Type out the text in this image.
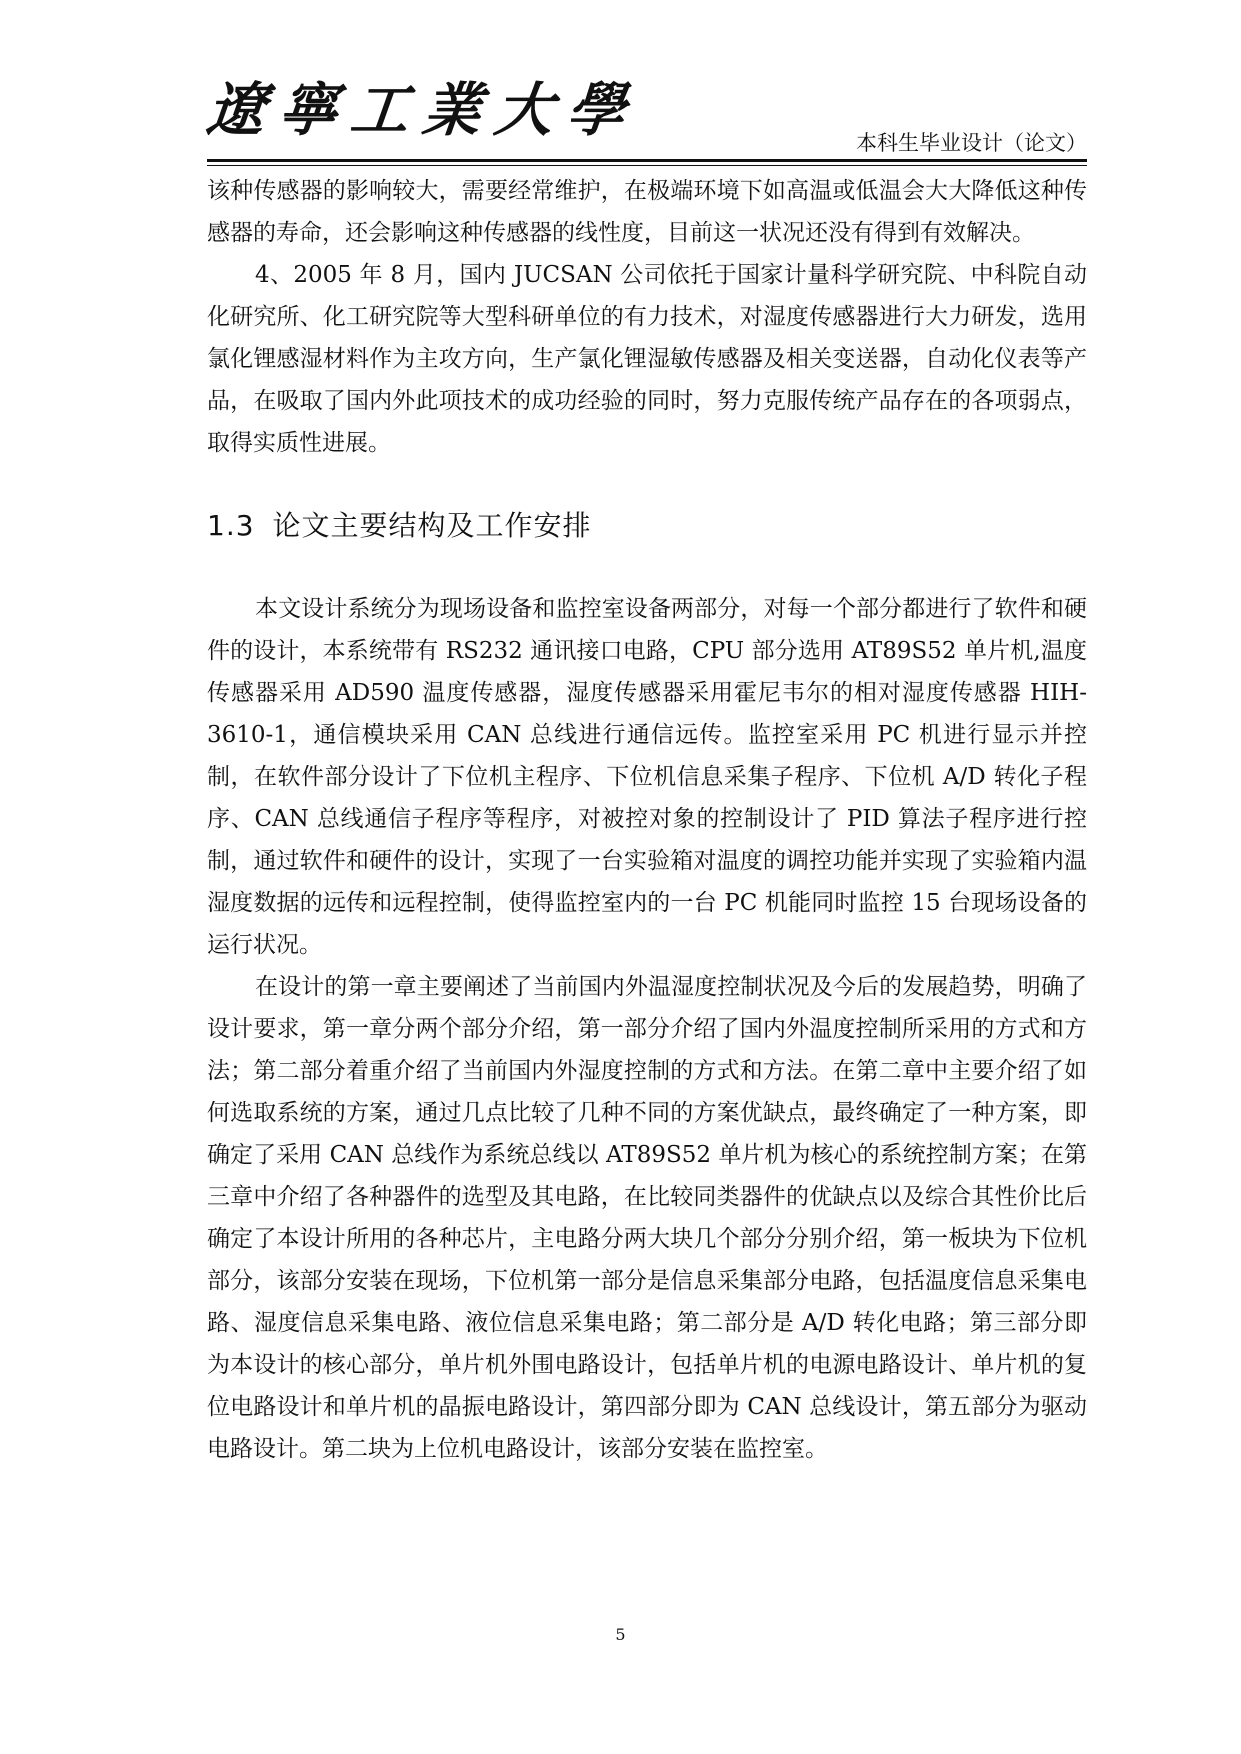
遼寧工業大學	本科生毕业设计（论文）

该种传感器的影响较大，需要经常维护，在极端环境下如高温或低温会大大降低这种传感器的寿命，还会影响这种传感器的线性度，目前这一状况还没有得到有效解决。

4、2005 年 8 月，国内 JUCSAN 公司依托于国家计量科学研究院、中科院自动化研究所、化工研究院等大型科研单位的有力技术，对湿度传感器进行大力研发，选用氯化锂感湿材料作为主攻方向，生产氯化锂湿敏传感器及相关变送器，自动化仪表等产品，在吸取了国内外此项技术的成功经验的同时，努力克服传统产品存在的各项弱点，取得实质性进展。

1.3 论文主要结构及工作安排

本文设计系统分为现场设备和监控室设备两部分，对每一个部分都进行了软件和硬件的设计，本系统带有 RS232 通讯接口电路，CPU 部分选用 AT89S52 单片机,温度传感器采用 AD590 温度传感器，湿度传感器采用霍尼韦尔的相对湿度传感器 HIH-3610-1，通信模块采用 CAN 总线进行通信远传。监控室采用 PC 机进行显示并控制，在软件部分设计了下位机主程序、下位机信息采集子程序、下位机 A/D 转化子程序、CAN 总线通信子程序等程序，对被控对象的控制设计了 PID 算法子程序进行控制，通过软件和硬件的设计，实现了一台实验箱对温度的调控功能并实现了实验箱内温湿度数据的远传和远程控制，使得监控室内的一台 PC 机能同时监控 15 台现场设备的运行状况。

在设计的第一章主要阐述了当前国内外温湿度控制状况及今后的发展趋势，明确了设计要求，第一章分两个部分介绍，第一部分介绍了国内外温度控制所采用的方式和方法；第二部分着重介绍了当前国内外湿度控制的方式和方法。在第二章中主要介绍了如何选取系统的方案，通过几点比较了几种不同的方案优缺点，最终确定了一种方案，即确定了采用 CAN 总线作为系统总线以 AT89S52 单片机为核心的系统控制方案；在第三章中介绍了各种器件的选型及其电路，在比较同类器件的优缺点以及综合其性价比后确定了本设计所用的各种芯片，主电路分两大块几个部分分别介绍，第一板块为下位机部分，该部分安装在现场，下位机第一部分是信息采集部分电路，包括温度信息采集电路、湿度信息采集电路、液位信息采集电路；第二部分是 A/D 转化电路；第三部分即为本设计的核心部分，单片机外围电路设计，包括单片机的电源电路设计、单片机的复位电路设计和单片机的晶振电路设计，第四部分即为 CAN 总线设计，第五部分为驱动电路设计。第二块为上位机电路设计，该部分安装在监控室。

5
